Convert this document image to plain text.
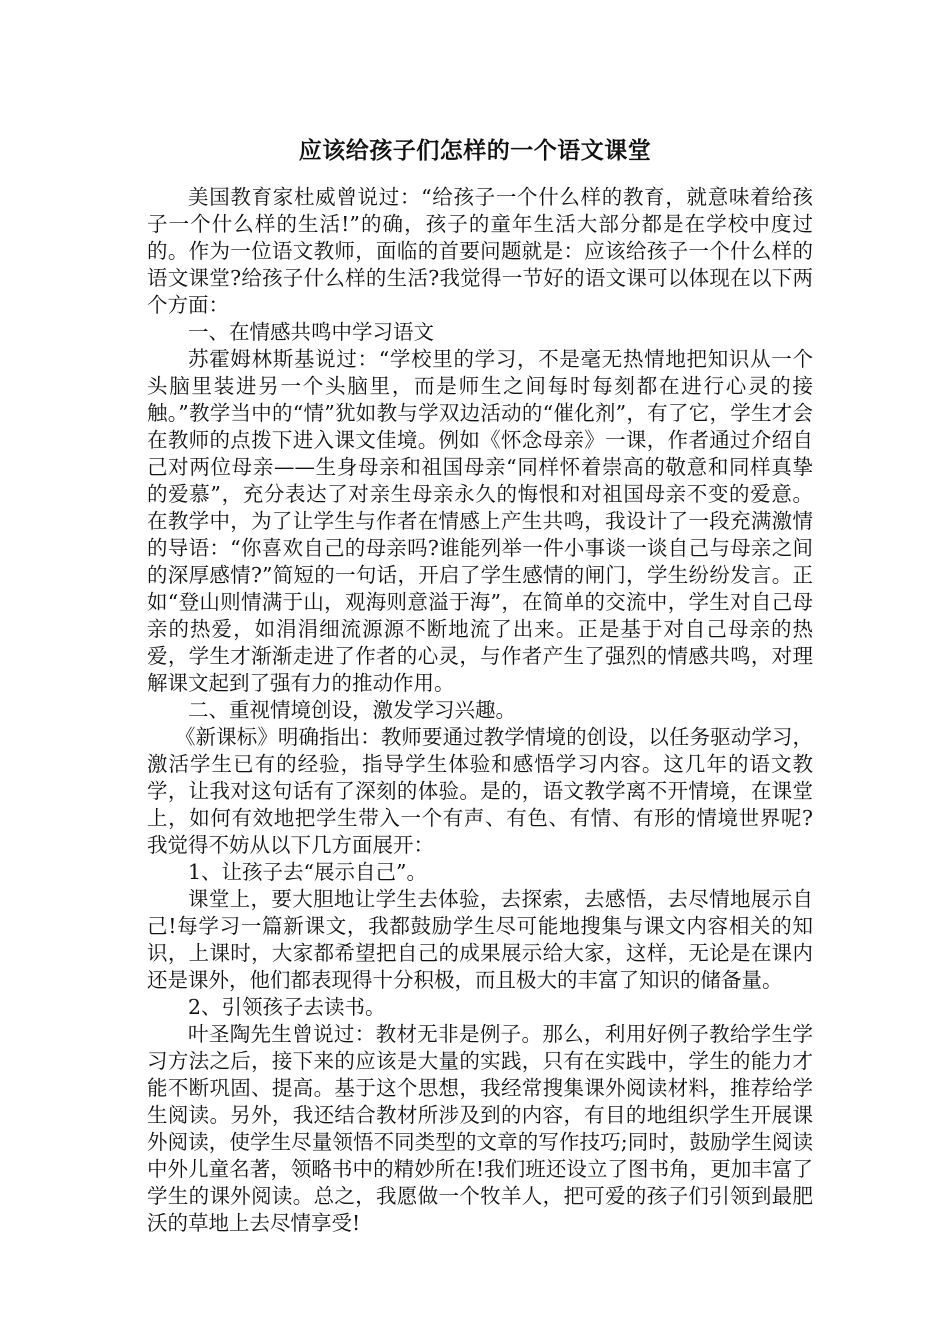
应该给孩子们怎样的一个语文课堂

美国教育家杜威曾说过：“给孩子一个什么样的教育，就意味着给孩子一个什么样的生活!”的确，孩子的童年生活大部分都是在学校中度过的。作为一位语文教师，面临的首要问题就是：应该给孩子一个什么样的语文课堂?给孩子什么样的生活?我觉得一节好的语文课可以体现在以下两个方面：

一、在情感共鸣中学习语文

苏霍姆林斯基说过：“学校里的学习，不是毫无热情地把知识从一个头脑里装进另一个头脑里，而是师生之间每时每刻都在进行心灵的接触。”教学当中的“情”犹如教与学双边活动的“催化剂”，有了它，学生才会在教师的点拨下进入课文佳境。例如《怀念母亲》一课，作者通过介绍自己对两位母亲——生身母亲和祖国母亲“同样怀着崇高的敬意和同样真挚的爱慕”，充分表达了对亲生母亲永久的悔恨和对祖国母亲不变的爱意。在教学中，为了让学生与作者在情感上产生共鸣，我设计了一段充满激情的导语：“你喜欢自己的母亲吗?谁能列举一件小事谈一谈自己与母亲之间的深厚感情?”简短的一句话，开启了学生感情的闸门，学生纷纷发言。正如“登山则情满于山，观海则意溢于海”，在简单的交流中，学生对自己母亲的热爱，如涓涓细流源源不断地流了出来。正是基于对自己母亲的热爱，学生才渐渐走进了作者的心灵，与作者产生了强烈的情感共鸣，对理解课文起到了强有力的推动作用。

二、重视情境创设，激发学习兴趣。

《新课标》明确指出：教师要通过教学情境的创设，以任务驱动学习，激活学生已有的经验，指导学生体验和感悟学习内容。这几年的语文教学，让我对这句话有了深刻的体验。是的，语文教学离不开情境，在课堂上，如何有效地把学生带入一个有声、有色、有情、有形的情境世界呢?我觉得不妨从以下几方面展开：

1、让孩子去“展示自己”。

课堂上，要大胆地让学生去体验，去探索，去感悟，去尽情地展示自己!每学习一篇新课文，我都鼓励学生尽可能地搜集与课文内容相关的知识，上课时，大家都希望把自己的成果展示给大家，这样，无论是在课内还是课外，他们都表现得十分积极，而且极大的丰富了知识的储备量。

2、引领孩子去读书。

叶圣陶先生曾说过：教材无非是例子。那么，利用好例子教给学生学习方法之后，接下来的应该是大量的实践，只有在实践中，学生的能力才能不断巩固、提高。基于这个思想，我经常搜集课外阅读材料，推荐给学生阅读。另外，我还结合教材所涉及到的内容，有目的地组织学生开展课外阅读，使学生尽量领悟不同类型的文章的写作技巧;同时，鼓励学生阅读中外儿童名著，领略书中的精妙所在!我们班还设立了图书角，更加丰富了学生的课外阅读。总之，我愿做一个牧羊人，把可爱的孩子们引领到最肥沃的草地上去尽情享受!
